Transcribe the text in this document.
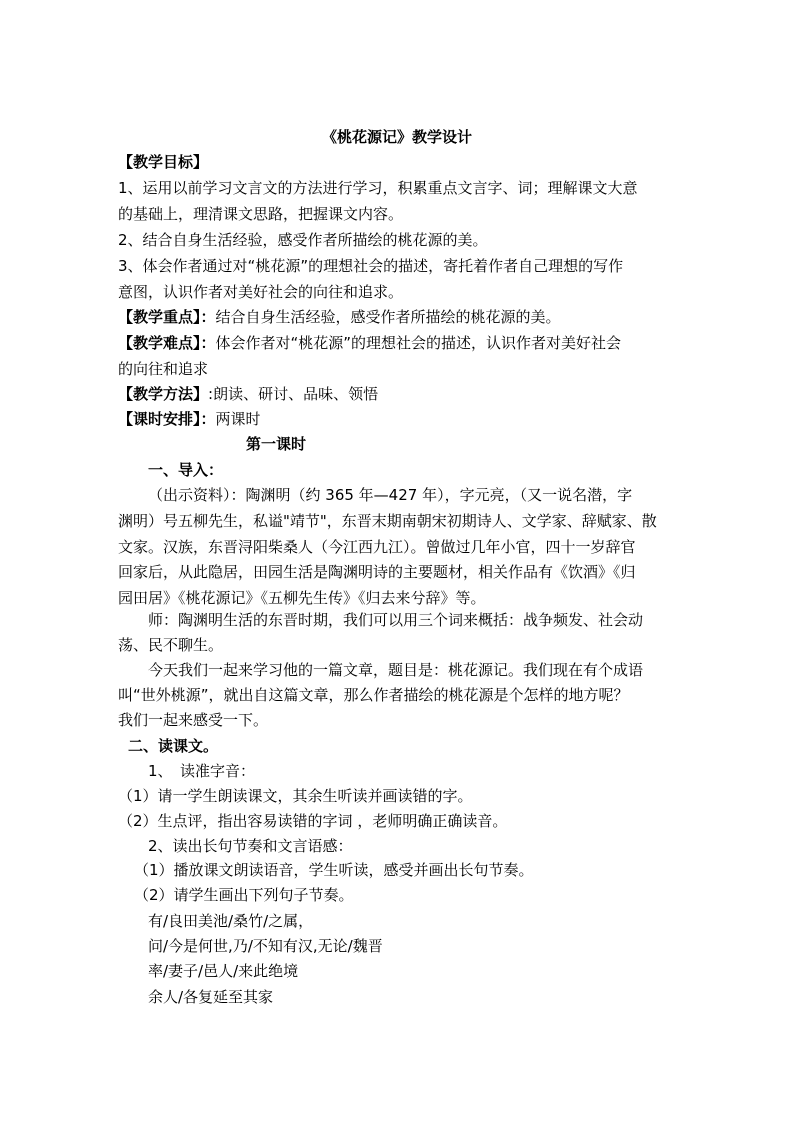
《桃花源记》教学设计

【教学目标】

1、运用以前学习文言文的方法进行学习，积累重点文言字、词；理解课文大意

的基础上，理清课文思路，把握课文内容。

2、结合自身生活经验，感受作者所描绘的桃花源的美。

3、体会作者通过对“桃花源”的理想社会的描述，寄托着作者自己理想的写作

意图，认识作者对美好社会的向往和追求。

【教学重点】：结合自身生活经验，感受作者所描绘的桃花源的美。

【教学难点】：体会作者对“桃花源”的理想社会的描述，认识作者对美好社会

的向往和追求

【教学方法】:朗读、研讨、品味、领悟

【课时安排】：两课时

第一课时

一、导入：

（出示资料）：陶渊明（约 365 年—427 年），字元亮，（又一说名潜，字

渊明）号五柳先生，私谥"靖节"，东晋末期南朝宋初期诗人、文学家、辞赋家、散

文家。汉族，东晋浔阳柴桑人（今江西九江）。曾做过几年小官，四十一岁辞官

回家后，从此隐居，田园生活是陶渊明诗的主要题材，相关作品有《饮酒》《归

园田居》《桃花源记》《五柳先生传》《归去来兮辞》等。

师：陶渊明生活的东晋时期，我们可以用三个词来概括：战争频发、社会动

荡、民不聊生。

今天我们一起来学习他的一篇文章，题目是：桃花源记。我们现在有个成语

叫“世外桃源”，就出自这篇文章，那么作者描绘的桃花源是个怎样的地方呢？

我们一起来感受一下。

二、读课文。

1、　读准字音：

（1）请一学生朗读课文，其余生听读并画读错的字。

（2）生点评，指出容易读错的字词 ，老师明确正确读音。

2、读出长句节奏和文言语感：

（1）播放课文朗读语音，学生听读，感受并画出长句节奏。

（2）请学生画出下列句子节奏。

有/良田美池/桑竹/之属，

问/今是何世,乃/不知有汉,无论/魏晋

率/妻子/邑人/来此绝境

余人/各复延至其家
